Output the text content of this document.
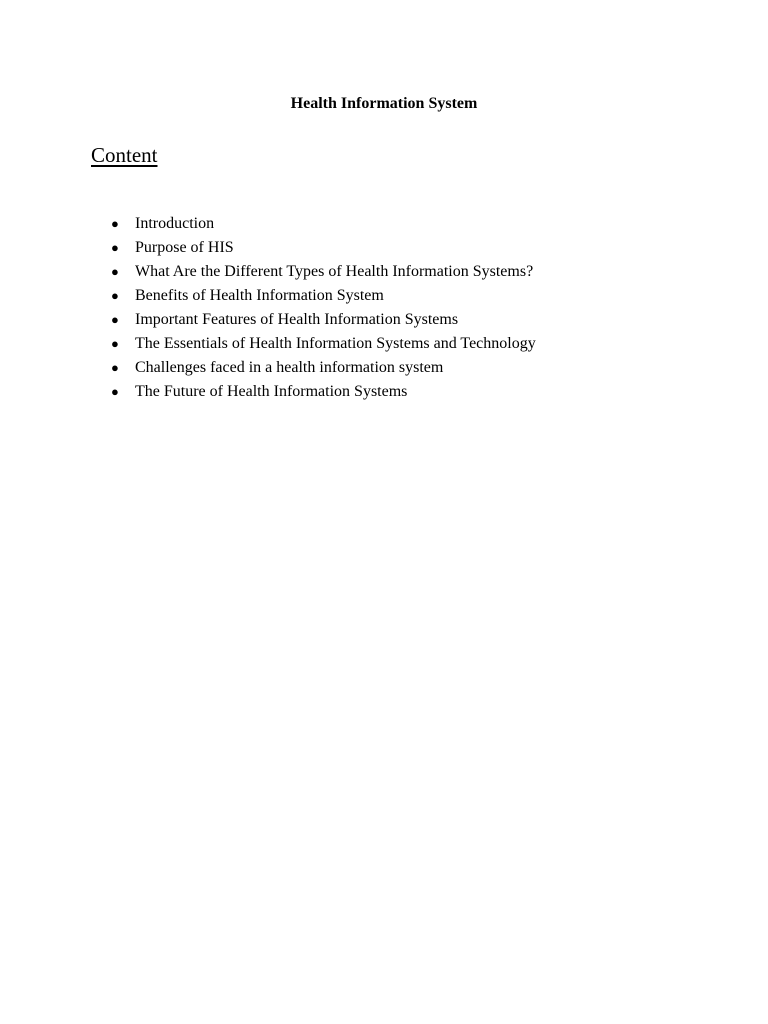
Health Information System
Content
●	Introduction
●	Purpose of HIS
●	What Are the Different Types of Health Information Systems?
●	Benefits of Health Information System
●	Important Features of Health Information Systems
●	The Essentials of Health Information Systems and Technology
●	Challenges faced in a health information system
●	The Future of Health Information Systems
